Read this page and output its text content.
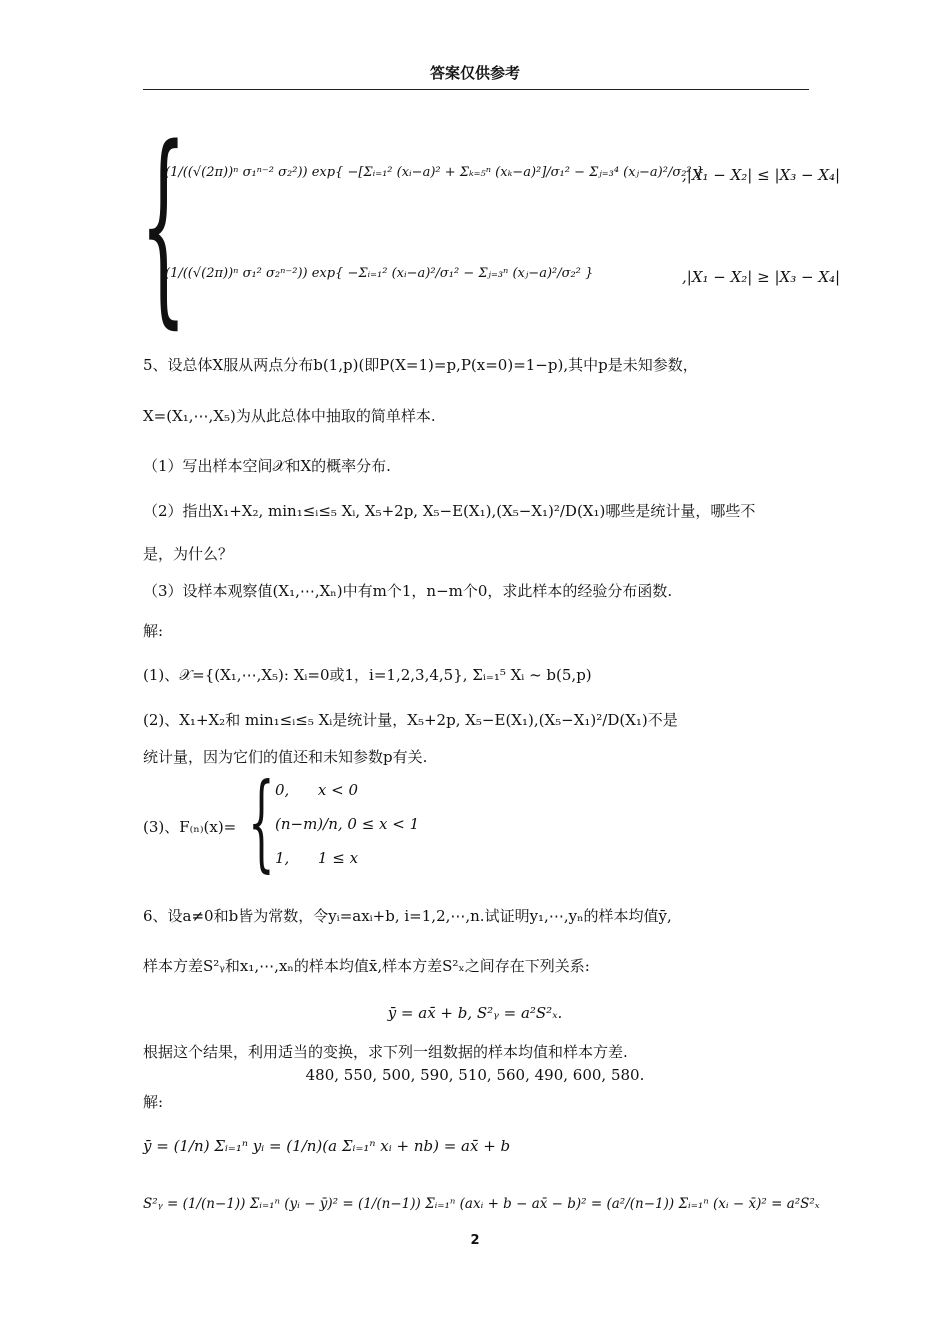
答案仅供参考
{
(1/((√(2π))ⁿ σ₁ⁿ⁻² σ₂²)) exp{ −[Σᵢ₌₁² (xᵢ−a)² + Σₖ₌₅ⁿ (xₖ−a)²]/σ₁² − Σⱼ₌₃⁴ (xⱼ−a)²/σ₂² }
,|X₁ − X₂| ≤ |X₃ − X₄|
(1/((√(2π))ⁿ σ₁² σ₂ⁿ⁻²)) exp{ −Σᵢ₌₁² (xᵢ−a)²/σ₁² − Σⱼ₌₃ⁿ (xⱼ−a)²/σ₂² }	,|X₁ − X₂| ≥ |X₃ − X₄|
5、设总体X服从两点分布b(1,p)(即P(X=1)=p,P(x=0)=1−p),其中p是未知参数，
X=(X₁,⋯,X₅)为从此总体中抽取的简单样本.
（1）写出样本空间𝒳和X的概率分布.
（2）指出X₁+X₂, min₁≤ᵢ≤₅ Xᵢ, X₅+2p, X₅−E(X₁),(X₅−X₁)²/D(X₁)哪些是统计量，哪些不
是，为什么？
（3）设样本观察值(X₁,⋯,Xₙ)中有m个1，n−m个0，求此样本的经验分布函数.
解:
(1)、𝒳={(X₁,⋯,X₅): Xᵢ=0或1，i=1,2,3,4,5}, Σᵢ₌₁⁵ Xᵢ ~ b(5,p)
(2)、X₁+X₂和 min₁≤ᵢ≤₅ Xᵢ是统计量，X₅+2p, X₅−E(X₁),(X₅−X₁)²/D(X₁)不是
统计量，因为它们的值还和未知参数p有关.
(3)、F₍ₙ₎(x)= { 0,      x < 0
(n−m)/n, 0 ≤ x < 1
1,      1 ≤ x
6、设a≠0和b皆为常数，令yᵢ=axᵢ+b, i=1,2,⋯,n.试证明y₁,⋯,yₙ的样本均值ȳ,
样本方差S²ᵧ和x₁,⋯,xₙ的样本均值x̄,样本方差S²ₓ之间存在下列关系:
ȳ = ax̄ + b, S²ᵧ = a²S²ₓ.
根据这个结果，利用适当的变换，求下列一组数据的样本均值和样本方差.
480, 550, 500, 590, 510, 560, 490, 600, 580.
解:
ȳ = (1/n) Σᵢ₌₁ⁿ yᵢ = (1/n)(a Σᵢ₌₁ⁿ xᵢ + nb) = ax̄ + b
S²ᵧ = (1/(n−1)) Σᵢ₌₁ⁿ (yᵢ − ȳ)² = (1/(n−1)) Σᵢ₌₁ⁿ (axᵢ + b − ax̄ − b)² = (a²/(n−1)) Σᵢ₌₁ⁿ (xᵢ − x̄)² = a²S²ₓ
2
